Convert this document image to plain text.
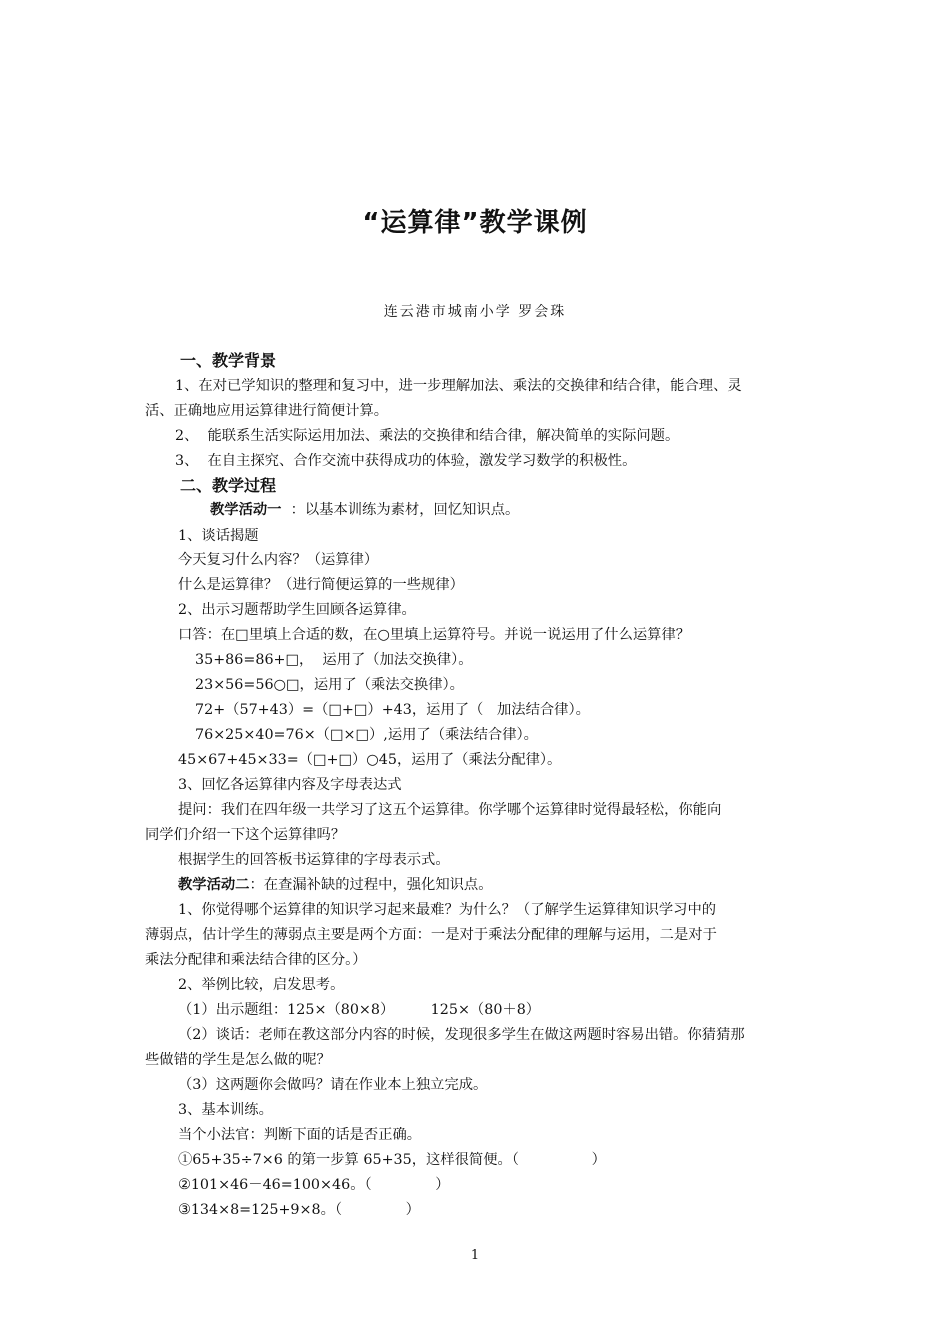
“运算律”教学课例
连云港市城南小学 罗会珠
一、教学背景
1、在对已学知识的整理和复习中，进一步理解加法、乘法的交换律和结合律，能合理、灵
活、正确地应用运算律进行简便计算。
2、  能联系生活实际运用加法、乘法的交换律和结合律，解决简单的实际问题。
3、  在自主探究、合作交流中获得成功的体验，激发学习数学的积极性。
二、教学过程
教学活动一  ：以基本训练为素材，回忆知识点。
1、谈话揭题
今天复习什么内容？（运算律）
什么是运算律？（进行简便运算的一些规律）
2、出示习题帮助学生回顾各运算律。
口答：在□里填上合适的数，在○里填上运算符号。并说一说运用了什么运算律？
35+86=86+□，  运用了（加法交换律）。
23×56=56○□，运用了（乘法交换律）。
72+（57+43）=（□+□）+43，运用了（   加法结合律）。
76×25×40=76×（□×□）,运用了（乘法结合律）。
45×67+45×33=（□+□）○45，运用了（乘法分配律）。
3、回忆各运算律内容及字母表达式
提问：我们在四年级一共学习了这五个运算律。你学哪个运算律时觉得最轻松，你能向
同学们介绍一下这个运算律吗？
根据学生的回答板书运算律的字母表示式。
教学活动二：在查漏补缺的过程中，强化知识点。
1、你觉得哪个运算律的知识学习起来最难？为什么？（了解学生运算律知识学习中的
薄弱点，估计学生的薄弱点主要是两个方面：一是对于乘法分配律的理解与运用，二是对于
乘法分配律和乘法结合律的区分。）
2、举例比较，启发思考。
（1）出示题组：125×（80×8）        125×（80＋8）
（2）谈话：老师在教这部分内容的时候，发现很多学生在做这两题时容易出错。你猜猜那
些做错的学生是怎么做的呢？
（3）这两题你会做吗？请在作业本上独立完成。
3、基本训练。
当个小法官：判断下面的话是否正确。
①65+35÷7×6 的第一步算 65+35，这样很简便。（                ）
②101×46－46=100×46。（              ）
③134×8=125+9×8。（              ）
1
